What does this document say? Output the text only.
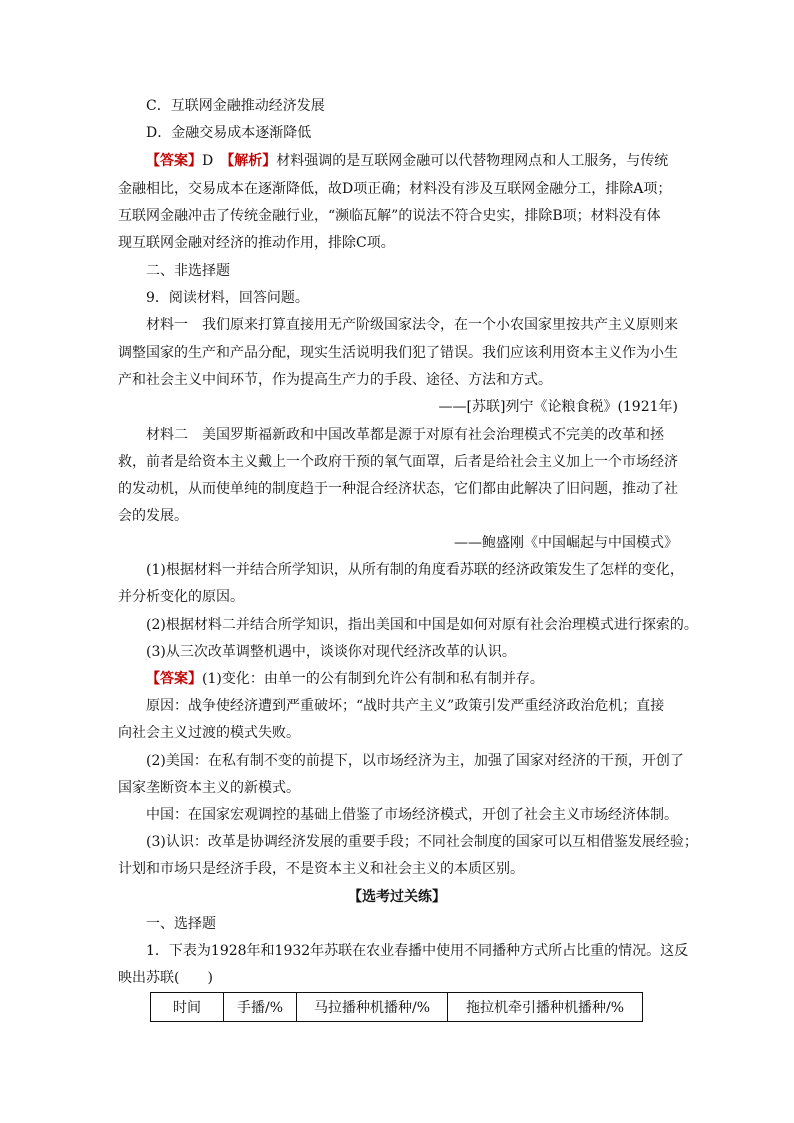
C．互联网金融推动经济发展
D．金融交易成本逐渐降低
【答案】D　【解析】材料强调的是互联网金融可以代替物理网点和人工服务，与传统
金融相比，交易成本在逐渐降低，故D项正确；材料没有涉及互联网金融分工，排除A项；
互联网金融冲击了传统金融行业，“濒临瓦解”的说法不符合史实，排除B项；材料没有体
现互联网金融对经济的推动作用，排除C项。
二、非选择题
9．阅读材料，回答问题。
材料一　我们原来打算直接用无产阶级国家法令，在一个小农国家里按共产主义原则来
调整国家的生产和产品分配，现实生活说明我们犯了错误。我们应该利用资本主义作为小生
产和社会主义中间环节，作为提高生产力的手段、途径、方法和方式。
——[苏联]列宁《论粮食税》(1921年)
材料二　美国罗斯福新政和中国改革都是源于对原有社会治理模式不完美的改革和拯
救，前者是给资本主义戴上一个政府干预的氧气面罩，后者是给社会主义加上一个市场经济
的发动机，从而使单纯的制度趋于一种混合经济状态，它们都由此解决了旧问题，推动了社
会的发展。
——鲍盛刚《中国崛起与中国模式》
(1)根据材料一并结合所学知识，从所有制的角度看苏联的经济政策发生了怎样的变化，
并分析变化的原因。
(2)根据材料二并结合所学知识，指出美国和中国是如何对原有社会治理模式进行探索的。
(3)从三次改革调整机遇中，谈谈你对现代经济改革的认识。
【答案】(1)变化：由单一的公有制到允许公有制和私有制并存。
原因：战争使经济遭到严重破坏；“战时共产主义”政策引发严重经济政治危机；直接
向社会主义过渡的模式失败。
(2)美国：在私有制不变的前提下，以市场经济为主，加强了国家对经济的干预，开创了
国家垄断资本主义的新模式。
中国：在国家宏观调控的基础上借鉴了市场经济模式，开创了社会主义市场经济体制。
(3)认识：改革是协调经济发展的重要手段；不同社会制度的国家可以互相借鉴发展经验；
计划和市场只是经济手段，不是资本主义和社会主义的本质区别。
【选考过关练】
一、选择题
1．下表为1928年和1932年苏联在农业春播中使用不同播种方式所占比重的情况。这反
映出苏联(　　)
时间	手播/%	马拉播种机播种/%	拖拉机牵引播种机播种/%
